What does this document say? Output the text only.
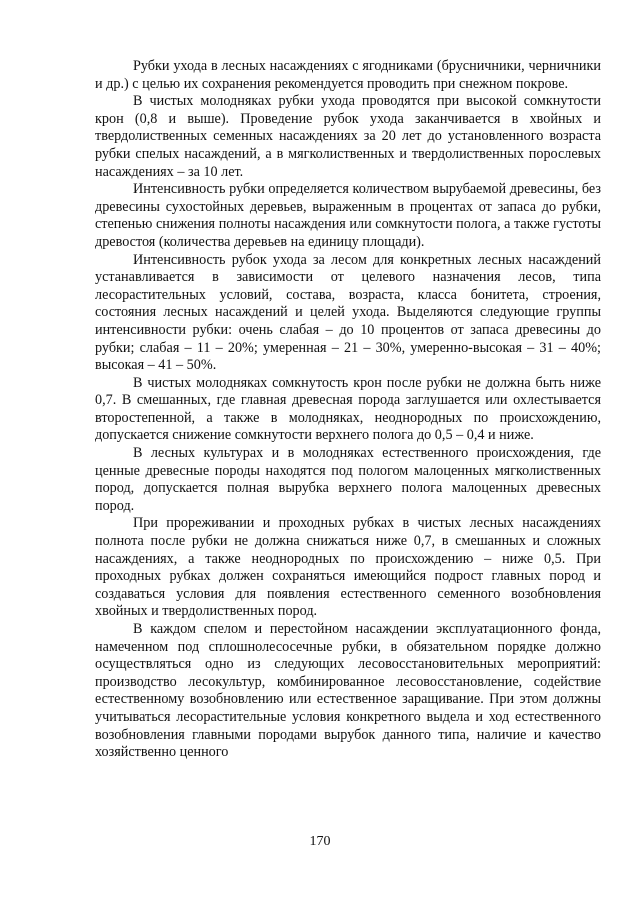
Рубки ухода в лесных насаждениях с ягодниками (брусничники, черничники и др.) с целью их сохранения рекомендуется проводить при снежном покрове.

В чистых молодняках рубки ухода проводятся при высокой сомкнутости крон (0,8 и выше). Проведение рубок ухода заканчивается в хвойных и твердолиственных семенных насаждениях за 20 лет до установленного возраста рубки спелых насаждений, а в мягколиственных и твердолиственных порослевых насаждениях – за 10 лет.

Интенсивность рубки определяется количеством вырубаемой древесины, без древесины сухостойных деревьев, выраженным в процентах от запаса до рубки, степенью снижения полноты насаждения или сомкнутости полога, а также густоты древостоя (количества деревьев на единицу площади).

Интенсивность рубок ухода за лесом для конкретных лесных насаждений устанавливается в зависимости от целевого назначения лесов, типа лесорастительных условий, состава, возраста, класса бонитета, строения, состояния лесных насаждений и целей ухода. Выделяются следующие группы интенсивности рубки: очень слабая – до 10 процентов от запаса древесины до рубки; слабая – 11 – 20%; умеренная – 21 – 30%, умеренно-высокая – 31 – 40%; высокая – 41 – 50%.

В чистых молодняках сомкнутость крон после рубки не должна быть ниже 0,7. В смешанных, где главная древесная порода заглушается или охлестывается второстепенной, а также в молодняках, неоднородных по происхождению, допускается снижение сомкнутости верхнего полога до 0,5 – 0,4 и ниже.

В лесных культурах и в молодняках естественного происхождения, где ценные древесные породы находятся под пологом малоценных мягколиственных пород, допускается полная вырубка верхнего полога малоценных древесных пород.

При прореживании и проходных рубках в чистых лесных насаждениях полнота после рубки не должна снижаться ниже 0,7, в смешанных и сложных насаждениях, а также неоднородных по происхождению – ниже 0,5. При проходных рубках должен сохраняться имеющийся подрост главных пород и создаваться условия для появления естественного семенного возобновления хвойных и твердолиственных пород.

В каждом спелом и перестойном насаждении эксплуатационного фонда, намеченном под сплошнолесосечные рубки, в обязательном порядке должно осуществляться одно из следующих лесовосстановительных мероприятий: производство лесокультур, комбинированное лесовосстановление, содействие естественному возобновлению или естественное заращивание. При этом должны учитываться лесорастительные условия конкретного выдела и ход естественного возобновления главными породами вырубок данного типа, наличие и качество хозяйственно ценного

170
